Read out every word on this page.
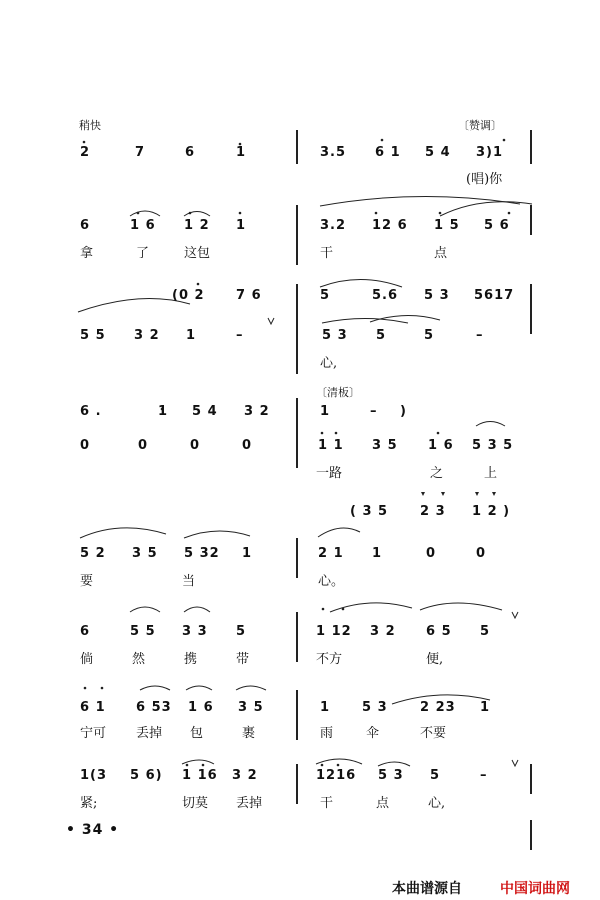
稍快	〔赞调〕
2	7	6	1	3.5 6 1 5 4 3)1
(唱)你
6	1 6 1 2 1	3.2 12 6 1 5 5 6
拿	了	这包	干	点
(0 2 7 6	5	5.6 5 3 5617
5 5 3 2 1	–	5 3 5	5	–
心,
〔清板〕
6 .	1 5 4 3 2	1	– )
0	0	0	0	1 1 3 5 1 6 5 3 5
一路	之	上
( 3 5 2 3 1 2 )
5 2 3 5 5 32 1	2 1 1	0	0
要	当	心。
6	5 5 3 3 5	1 12 3 2 6 5 5
倘	然	携	带	不方	便,
6 1 6 53 1 6 3 5	1 5 3 2 23 1
宁可 丢掉 包	裹	雨	伞	不要
1(3 5 6) 1 16 3 2	1216 5 3 5	–
紧;	切莫 丢掉	干	点	心,
• 34 •
本曲谱源自	中国词曲网
